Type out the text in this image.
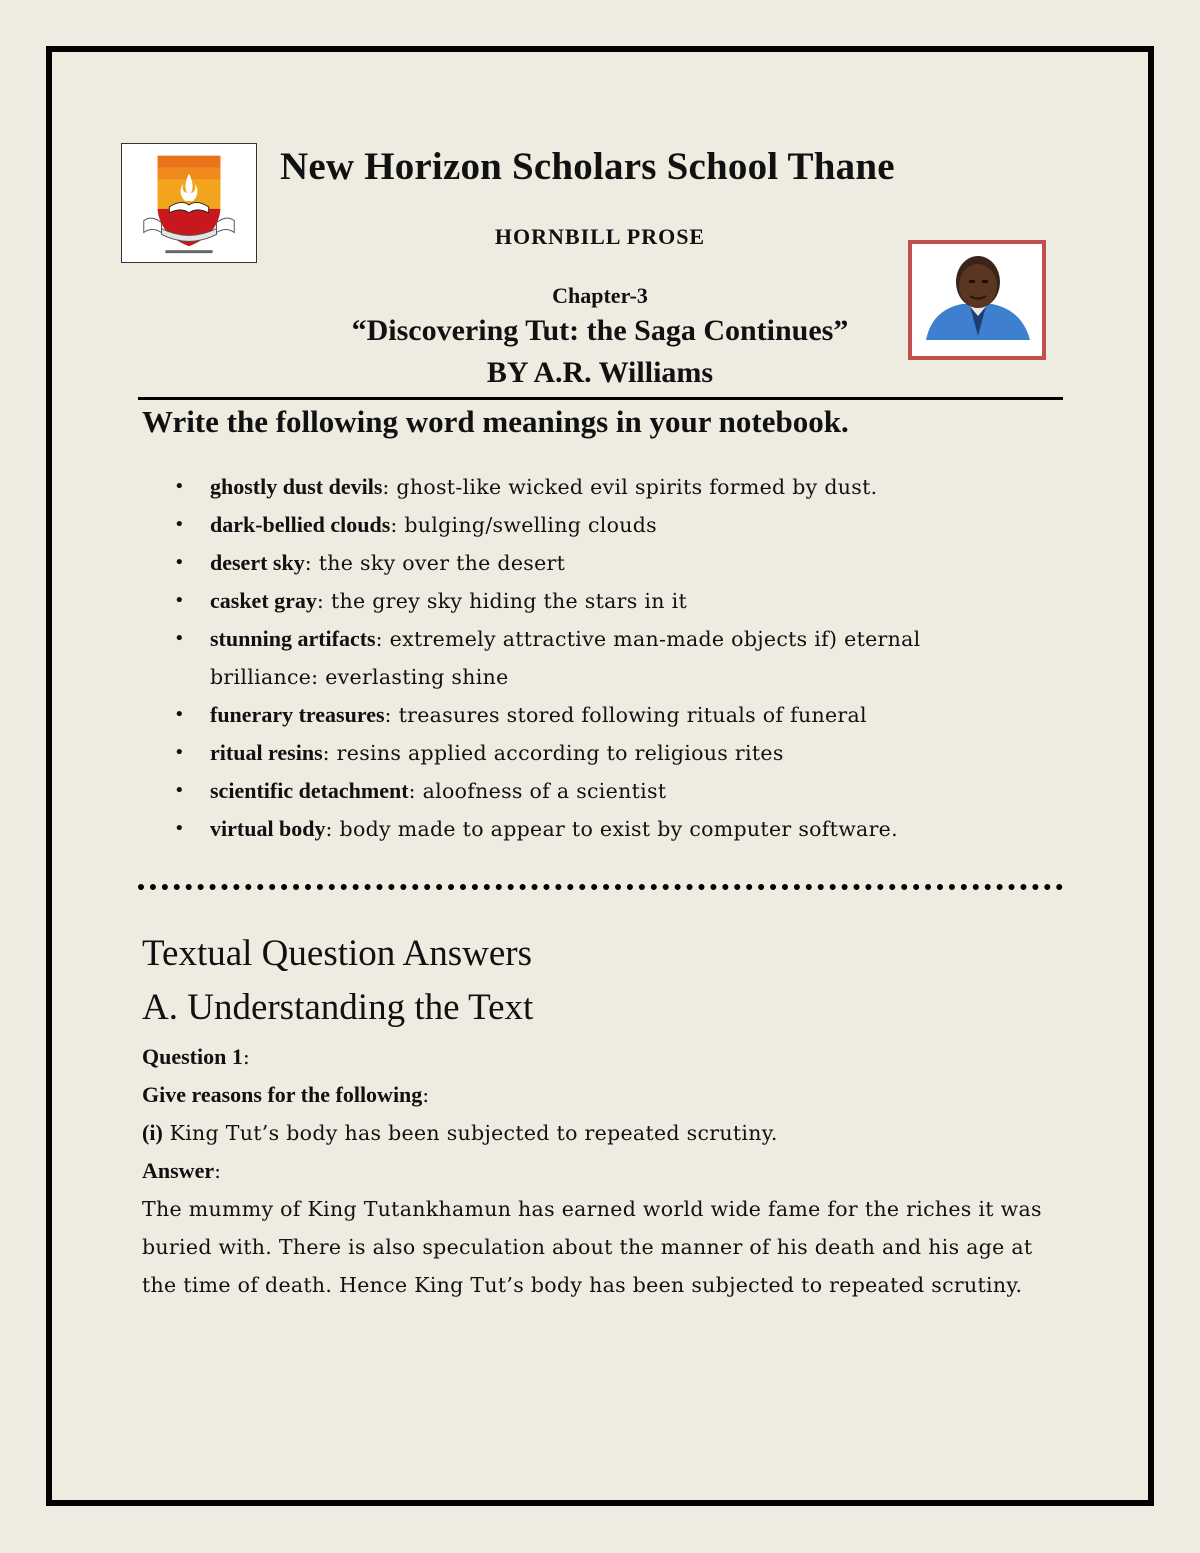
New Horizon Scholars School Thane
HORNBILL PROSE
Chapter-3
“Discovering Tut: the Saga Continues”
BY A.R. Williams
Write the following word meanings in your notebook.
• ghostly dust devils: ghost-like wicked evil spirits formed by dust.
• dark-bellied clouds: bulging/swelling clouds
• desert sky: the sky over the desert
• casket gray: the grey sky hiding the stars in it
• stunning artifacts: extremely attractive man-made objects if) eternal brilliance: everlasting shine
• funerary treasures: treasures stored following rituals of funeral
• ritual resins: resins applied according to religious rites
• scientific detachment: aloofness of a scientist
• virtual body: body made to appear to exist by computer software.
Textual Question Answers
A. Understanding the Text

Question 1:

Give reasons for the following:

(i) King Tut’s body has been subjected to repeated scrutiny.

Answer:

The mummy of King Tutankhamun has earned world wide fame for the riches it was buried with. There is also speculation about the manner of his death and his age at the time of death. Hence King Tut’s body has been subjected to repeated scrutiny.
